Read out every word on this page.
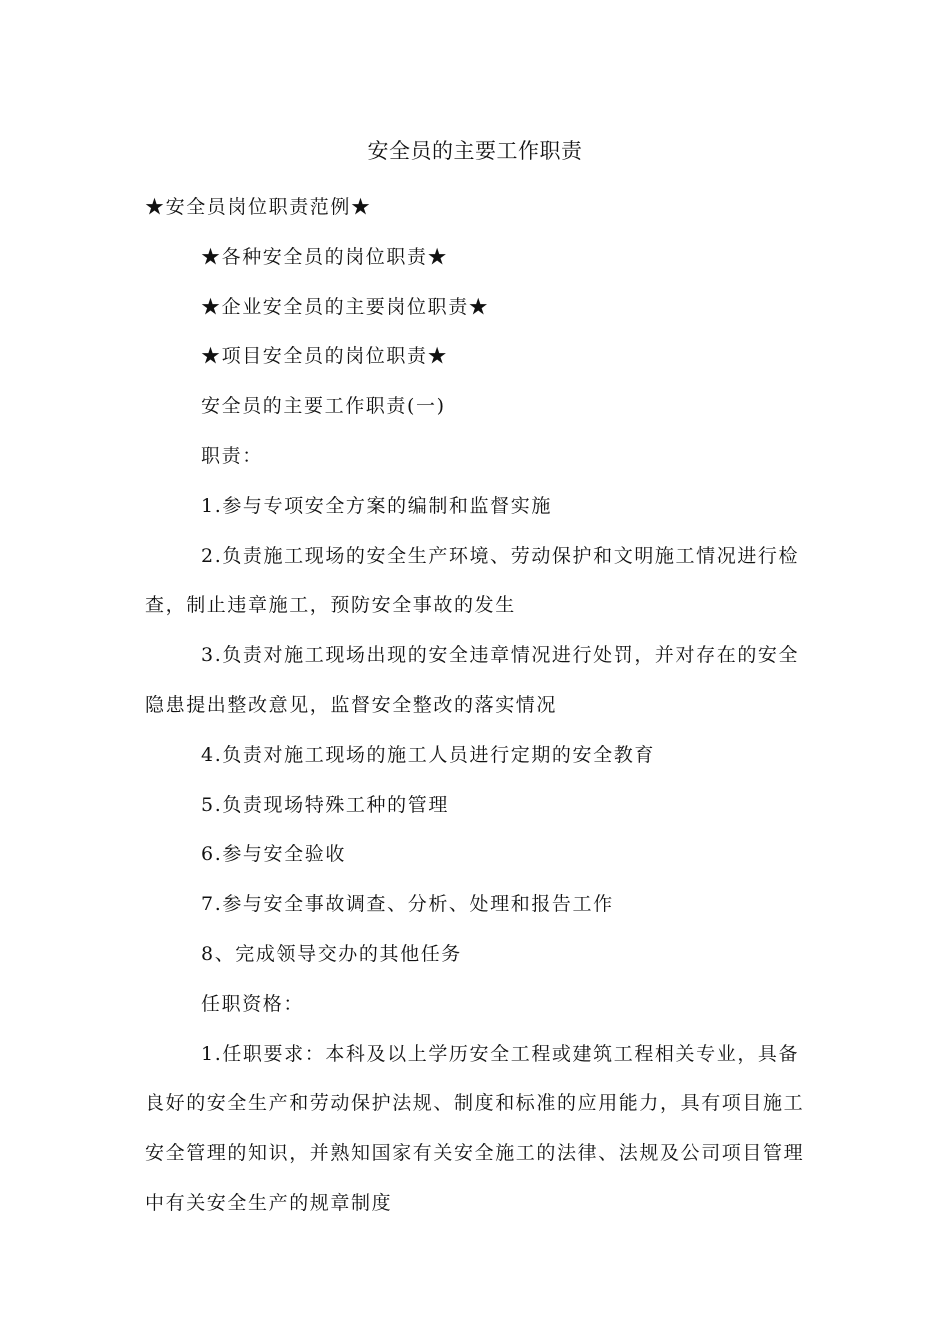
安全员的主要工作职责

★安全员岗位职责范例★

★各种安全员的岗位职责★

★企业安全员的主要岗位职责★

★项目安全员的岗位职责★

安全员的主要工作职责(一)

职责：

1.参与专项安全方案的编制和监督实施

2.负责施工现场的安全生产环境、劳动保护和文明施工情况进行检查，制止违章施工，预防安全事故的发生

3.负责对施工现场出现的安全违章情况进行处罚，并对存在的安全隐患提出整改意见，监督安全整改的落实情况

4.负责对施工现场的施工人员进行定期的安全教育

5.负责现场特殊工种的管理

6.参与安全验收

7.参与安全事故调查、分析、处理和报告工作

8、完成领导交办的其他任务

任职资格：

1.任职要求：本科及以上学历安全工程或建筑工程相关专业，具备良好的安全生产和劳动保护法规、制度和标准的应用能力，具有项目施工安全管理的知识，并熟知国家有关安全施工的法律、法规及公司项目管理中有关安全生产的规章制度
